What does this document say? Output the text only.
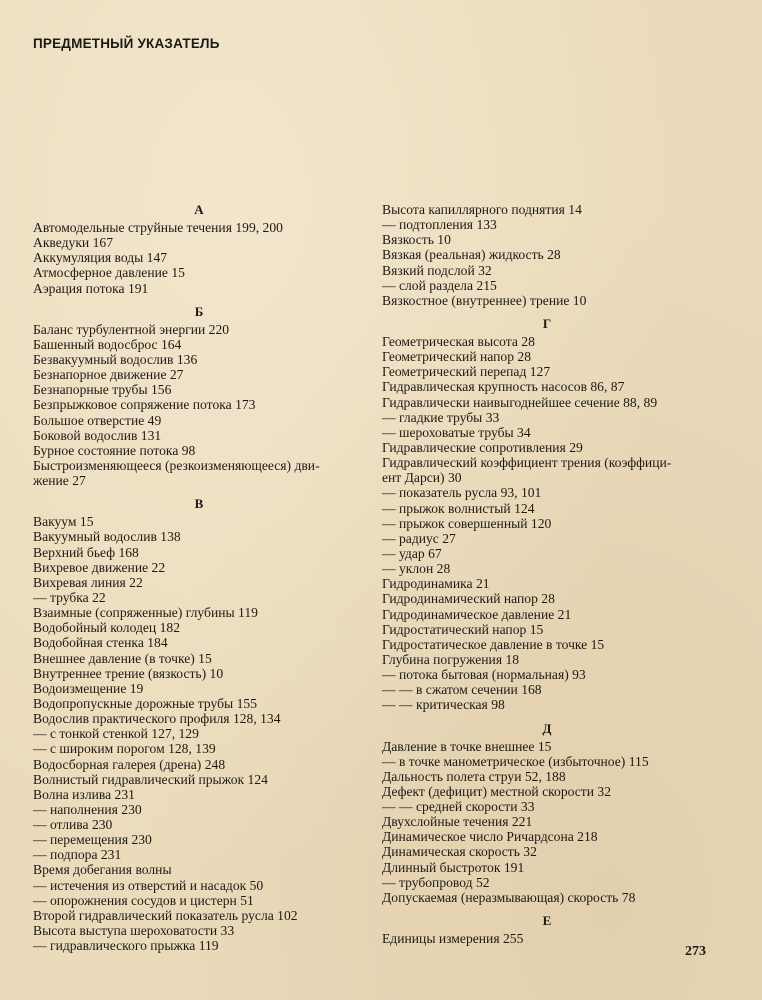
ПРЕДМЕТНЫЙ УКАЗАТЕЛЬ
А
Автомодельные струйные течения 199, 200
Акведуки 167
Аккумуляция воды 147
Атмосферное давление 15
Аэрация потока 191
Б
Баланс турбулентной энергии 220
Башенный водосброс 164
Безвакуумный водослив 136
Безнапорное движение 27
Безнапорные трубы 156
Безпрыжковое сопряжение потока 173
Большое отверстие 49
Боковой водослив 131
Бурное состояние потока 98
Быстроизменяющееся (резкоизменяющееся) дви-
жение 27
В
Вакуум 15
Вакуумный водослив 138
Верхний бьеф 168
Вихревое движение 22
Вихревая линия 22
— трубка 22
Взаимные (сопряженные) глубины 119
Водобойный колодец 182
Водобойная стенка 184
Внешнее давление (в точке) 15
Внутреннее трение (вязкость) 10
Водоизмещение 19
Водопропускные дорожные трубы 155
Водослив практического профиля 128, 134
— с тонкой стенкой 127, 129
— с широким порогом 128, 139
Водосборная галерея (дрена) 248
Волнистый гидравлический прыжок 124
Волна излива 231
— наполнения 230
— отлива 230
— перемещения 230
— подпора 231
Время добегания волны
— истечения из отверстий и насадок 50
— опорожнения сосудов и цистерн 51
Второй гидравлический показатель русла 102
Высота выступа шероховатости 33
— гидравлического прыжка 119
Высота капиллярного поднятия 14
— подтопления 133
Вязкость 10
Вязкая (реальная) жидкость 28
Вязкий подслой 32
— слой раздела 215
Вязкостное (внутреннее) трение 10
Г
Геометрическая высота 28
Геометрический напор 28
Геометрический перепад 127
Гидравлическая крупность насосов 86, 87
Гидравлически наивыгоднейшее сечение 88, 89
— гладкие трубы 33
— шероховатые трубы 34
Гидравлические сопротивления 29
Гидравлический коэффициент трения (коэффици-
ент Дарси) 30
— показатель русла 93, 101
— прыжок волнистый 124
— прыжок совершенный 120
— радиус 27
— удар 67
— уклон 28
Гидродинамика 21
Гидродинамический напор 28
Гидродинамическое давление 21
Гидростатический напор 15
Гидростатическое давление в точке 15
Глубина погружения 18
— потока бытовая (нормальная) 93
— — в сжатом сечении 168
— — критическая 98
Д
Давление в точке внешнее 15
— в точке манометрическое (избыточное) 115
Дальность полета струи 52, 188
Дефект (дефицит) местной скорости 32
— — средней скорости 33
Двухслойные течения 221
Динамическое число Ричардсона 218
Динамическая скорость 32
Длинный быстроток 191
— трубопровод 52
Допускаемая (неразмывающая) скорость 78
Е
Единицы измерения 255
273
